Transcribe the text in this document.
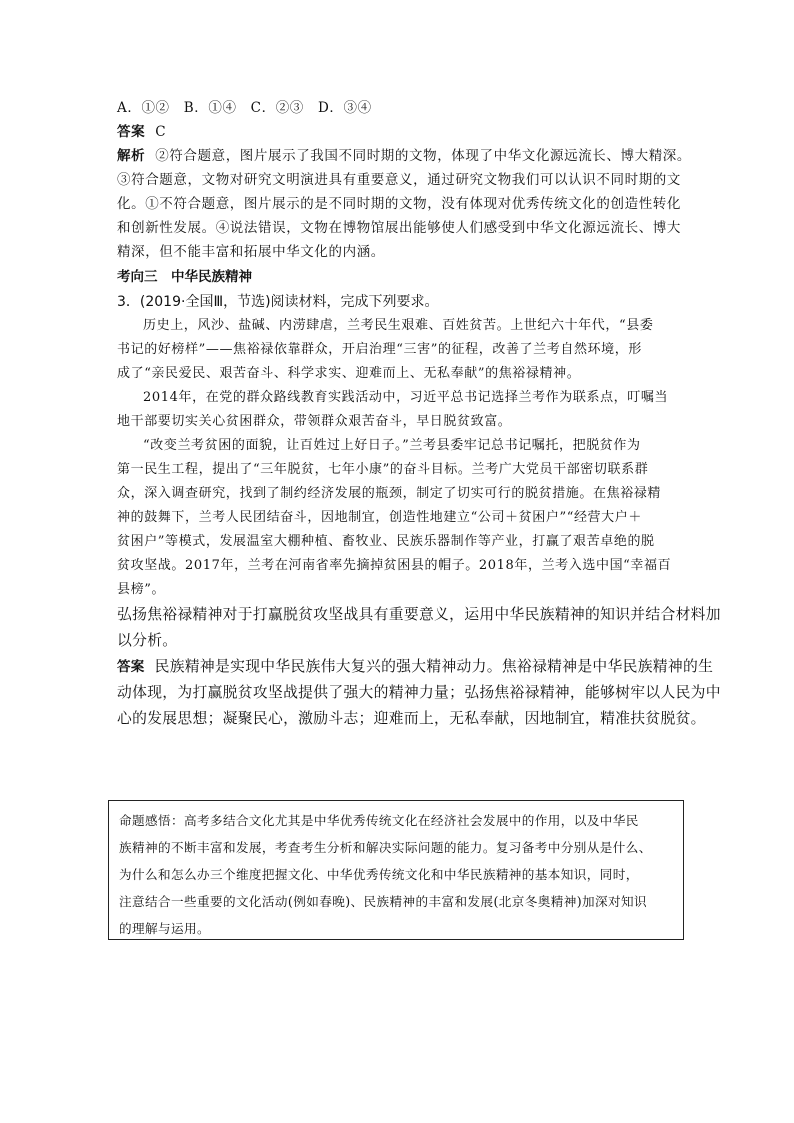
A．①②　B．①④　C．②③　D．③④
答案 C
解析 ②符合题意，图片展示了我国不同时期的文物，体现了中华文化源远流长、博大精深。
③符合题意，文物对研究文明演进具有重要意义，通过研究文物我们可以认识不同时期的文
化。①不符合题意，图片展示的是不同时期的文物，没有体现对优秀传统文化的创造性转化
和创新性发展。④说法错误，文物在博物馆展出能够使人们感受到中华文化源远流长、博大
精深，但不能丰富和拓展中华文化的内涵。
考向三　中华民族精神
3．(2019·全国Ⅲ，节选)阅读材料，完成下列要求。
历史上，风沙、盐碱、内涝肆虐，兰考民生艰难、百姓贫苦。上世纪六十年代，“县委
书记的好榜样”——焦裕禄依靠群众，开启治理“三害”的征程，改善了兰考自然环境，形
成了“亲民爱民、艰苦奋斗、科学求实、迎难而上、无私奉献”的焦裕禄精神。
2014年，在党的群众路线教育实践活动中，习近平总书记选择兰考作为联系点，叮嘱当
地干部要切实关心贫困群众，带领群众艰苦奋斗，早日脱贫致富。
“改变兰考贫困的面貌，让百姓过上好日子。”兰考县委牢记总书记嘱托，把脱贫作为
第一民生工程，提出了“三年脱贫，七年小康”的奋斗目标。兰考广大党员干部密切联系群
众，深入调查研究，找到了制约经济发展的瓶颈，制定了切实可行的脱贫措施。在焦裕禄精
神的鼓舞下，兰考人民团结奋斗，因地制宜，创造性地建立“公司＋贫困户”“经营大户＋
贫困户”等模式，发展温室大棚种植、畜牧业、民族乐器制作等产业，打赢了艰苦卓绝的脱
贫攻坚战。2017年，兰考在河南省率先摘掉贫困县的帽子。2018年，兰考入选中国“幸福百
县榜”。
弘扬焦裕禄精神对于打赢脱贫攻坚战具有重要意义，运用中华民族精神的知识并结合材料加
以分析。
答案 民族精神是实现中华民族伟大复兴的强大精神动力。焦裕禄精神是中华民族精神的生
动体现，为打赢脱贫攻坚战提供了强大的精神力量；弘扬焦裕禄精神，能够树牢以人民为中
心的发展思想；凝聚民心，激励斗志；迎难而上，无私奉献，因地制宜，精准扶贫脱贫。
命题感悟：高考多结合文化尤其是中华优秀传统文化在经济社会发展中的作用，以及中华民
族精神的不断丰富和发展，考查考生分析和解决实际问题的能力。复习备考中分别从是什么、
为什么和怎么办三个维度把握文化、中华优秀传统文化和中华民族精神的基本知识，同时，
注意结合一些重要的文化活动(例如春晚)、民族精神的丰富和发展(北京冬奥精神)加深对知识
的理解与运用。
